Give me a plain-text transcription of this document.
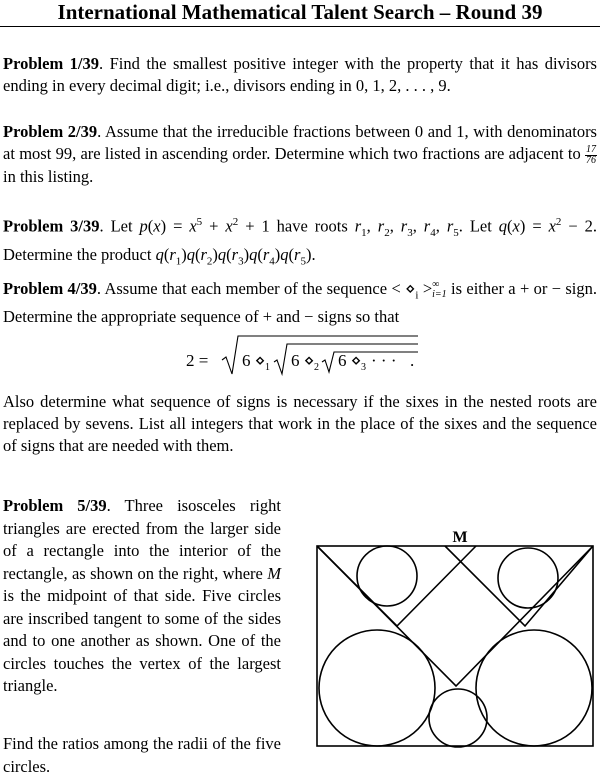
International Mathematical Talent Search – Round 39
Problem 1/39. Find the smallest positive integer with the property that it has divisors ending in every decimal digit; i.e., divisors ending in 0, 1, 2, . . . , 9.
Problem 2/39. Assume that the irreducible fractions between 0 and 1, with denominators at most 99, are listed in ascending order. Determine which two fractions are adjacent to $\frac{17}{76}$
in this listing.
Problem 3/39. Let $p(x) = x^5 + x^2 + 1$ have roots $r_1$, $r_2$, $r_3$, $r_4$, $r_5$. Let $q(x) = x^2 - 2$. Determine the product $q(r_1)q(r_2)q(r_3)q(r_4)q(r_5)$.
Problem 4/39. Assume that each member of the sequence < $⋄_i$ > ∞
i=1 is either a + or − sign. Determine the appropriate sequence of + and − signs so that
2 = 6 ⋄ 1 6 ⋄ 2 6 ⋄ 3 · · · .
Also determine what sequence of signs is necessary if the sixes in the nested roots are replaced by sevens. List all integers that work in the place of the sixes and the sequence of signs that are needed with them.
Problem 5/39. Three isosceles right triangles are erected from the larger side of a rectangle into the interior of the rectangle, as shown on the right, where M is the midpoint of that side. Five circles are inscribed tangent to some of the sides and to one another as shown. One of the circles touches the vertex of the largest triangle.
Find the ratios among the radii of the five circles.
M
